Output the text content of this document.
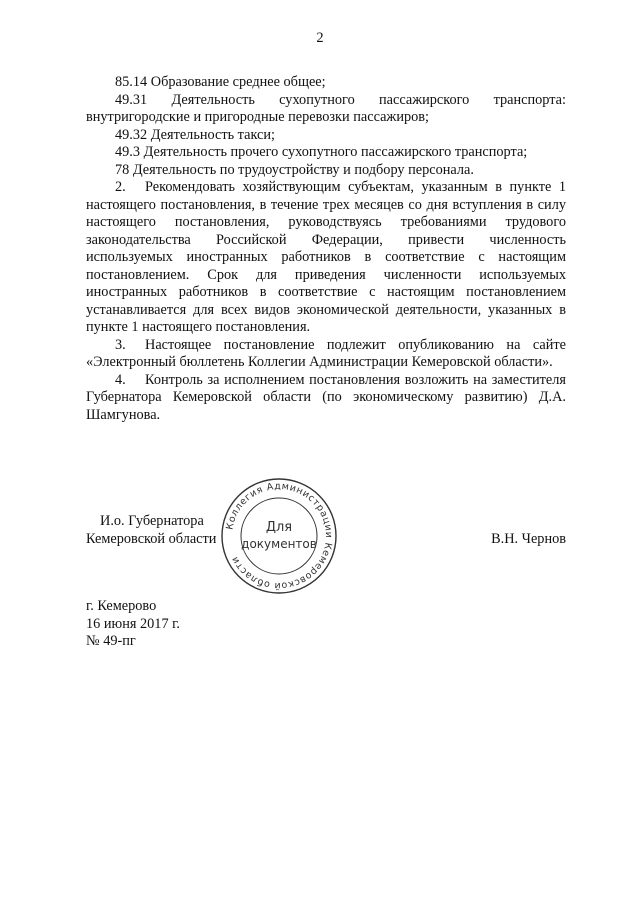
2

85.14 Образование среднее общее;

49.31 Деятельность сухопутного пассажирского транспорта: внутригородские и пригородные перевозки пассажиров;

49.32 Деятельность такси;

49.3 Деятельность прочего сухопутного пассажирского транспорта;

78 Деятельность по трудоустройству и подбору персонала.

2. Рекомендовать хозяйствующим субъектам, указанным в пункте 1 настоящего постановления, в течение трех месяцев со дня вступления в силу настоящего постановления, руководствуясь требованиями трудового законодательства Российской Федерации, привести численность используемых иностранных работников в соответствие с настоящим постановлением. Срок для приведения численности используемых иностранных работников в соответствие с настоящим постановлением устанавливается для всех видов экономической деятельности, указанных в пункте 1 настоящего постановления.

3. Настоящее постановление подлежит опубликованию на сайте «Электронный бюллетень Коллегии Администрации Кемеровской области».

4. Контроль за исполнением постановления возложить на заместителя Губернатора Кемеровской области (по экономическому развитию) Д.А. Шамгунова.

И.о. Губернатора
Кемеровской области	В.Н. Чернов
Коллегия Администрации Кемеровской области
Для
документов
г. Кемерово
16 июня 2017 г.
№ 49-пг
